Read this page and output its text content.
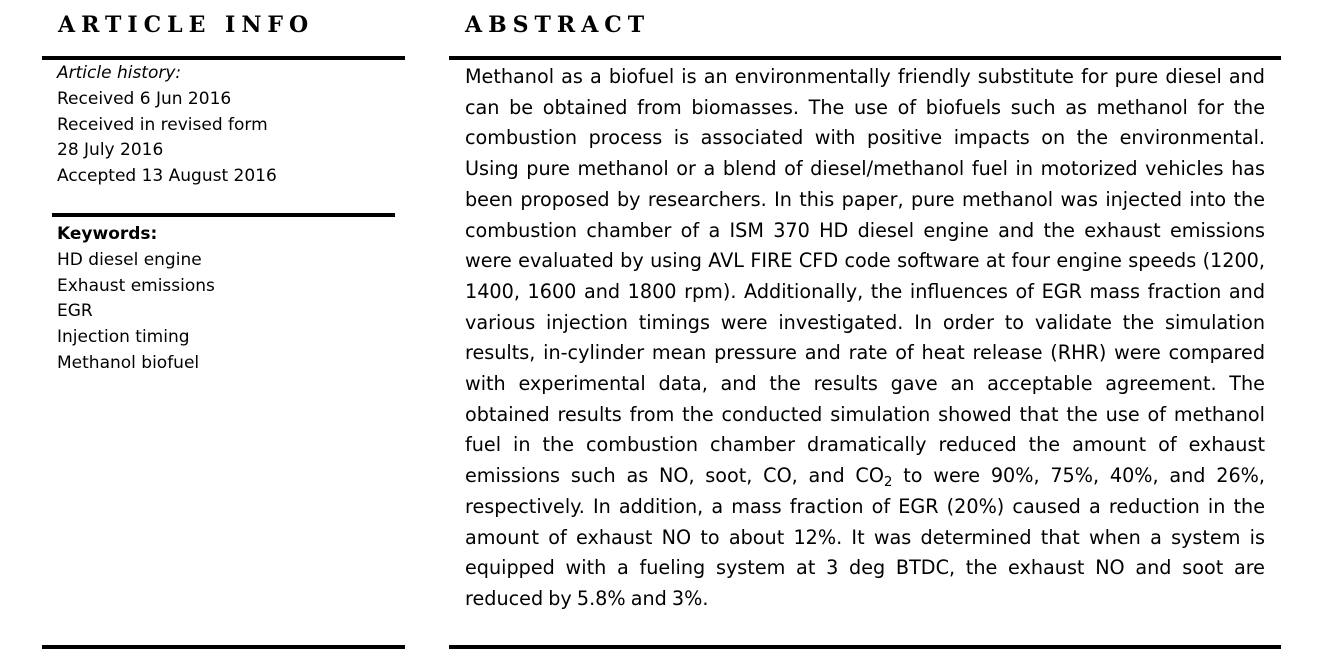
ARTICLE INFO	ABSTRACT
Article history:
Received 6 Jun 2016
Received in revised form
28 July 2016
Accepted 13 August 2016
Keywords:
HD diesel engine
Exhaust emissions
EGR
Injection timing
Methanol biofuel
Methanol as a biofuel is an environmentally friendly substitute for pure diesel and can be obtained from biomasses. The use of biofuels such as methanol for the combustion process is associated with positive impacts on the environmental. Using pure methanol or a blend of diesel/methanol fuel in motorized vehicles has been proposed by researchers. In this paper, pure methanol was injected into the combustion chamber of a ISM 370 HD diesel engine and the exhaust emissions were evaluated by using AVL FIRE CFD code software at four engine speeds (1200, 1400, 1600 and 1800 rpm). Additionally, the influences of EGR mass fraction and various injection timings were investigated. In order to validate the simulation results, in-cylinder mean pressure and rate of heat release (RHR) were compared with experimental data, and the results gave an acceptable agreement. The obtained results from the conducted simulation showed that the use of methanol fuel in the combustion chamber dramatically reduced the amount of exhaust emissions such as NO, soot, CO, and $CO_2$ to were 90%, 75%, 40%, and 26%, respectively. In addition, a mass fraction of EGR (20%) caused a reduction in the amount of exhaust NO to about 12%. It was determined that when a system is equipped with a fueling system at 3 deg BTDC, the exhaust NO and soot are reduced by 5.8% and 3%.
